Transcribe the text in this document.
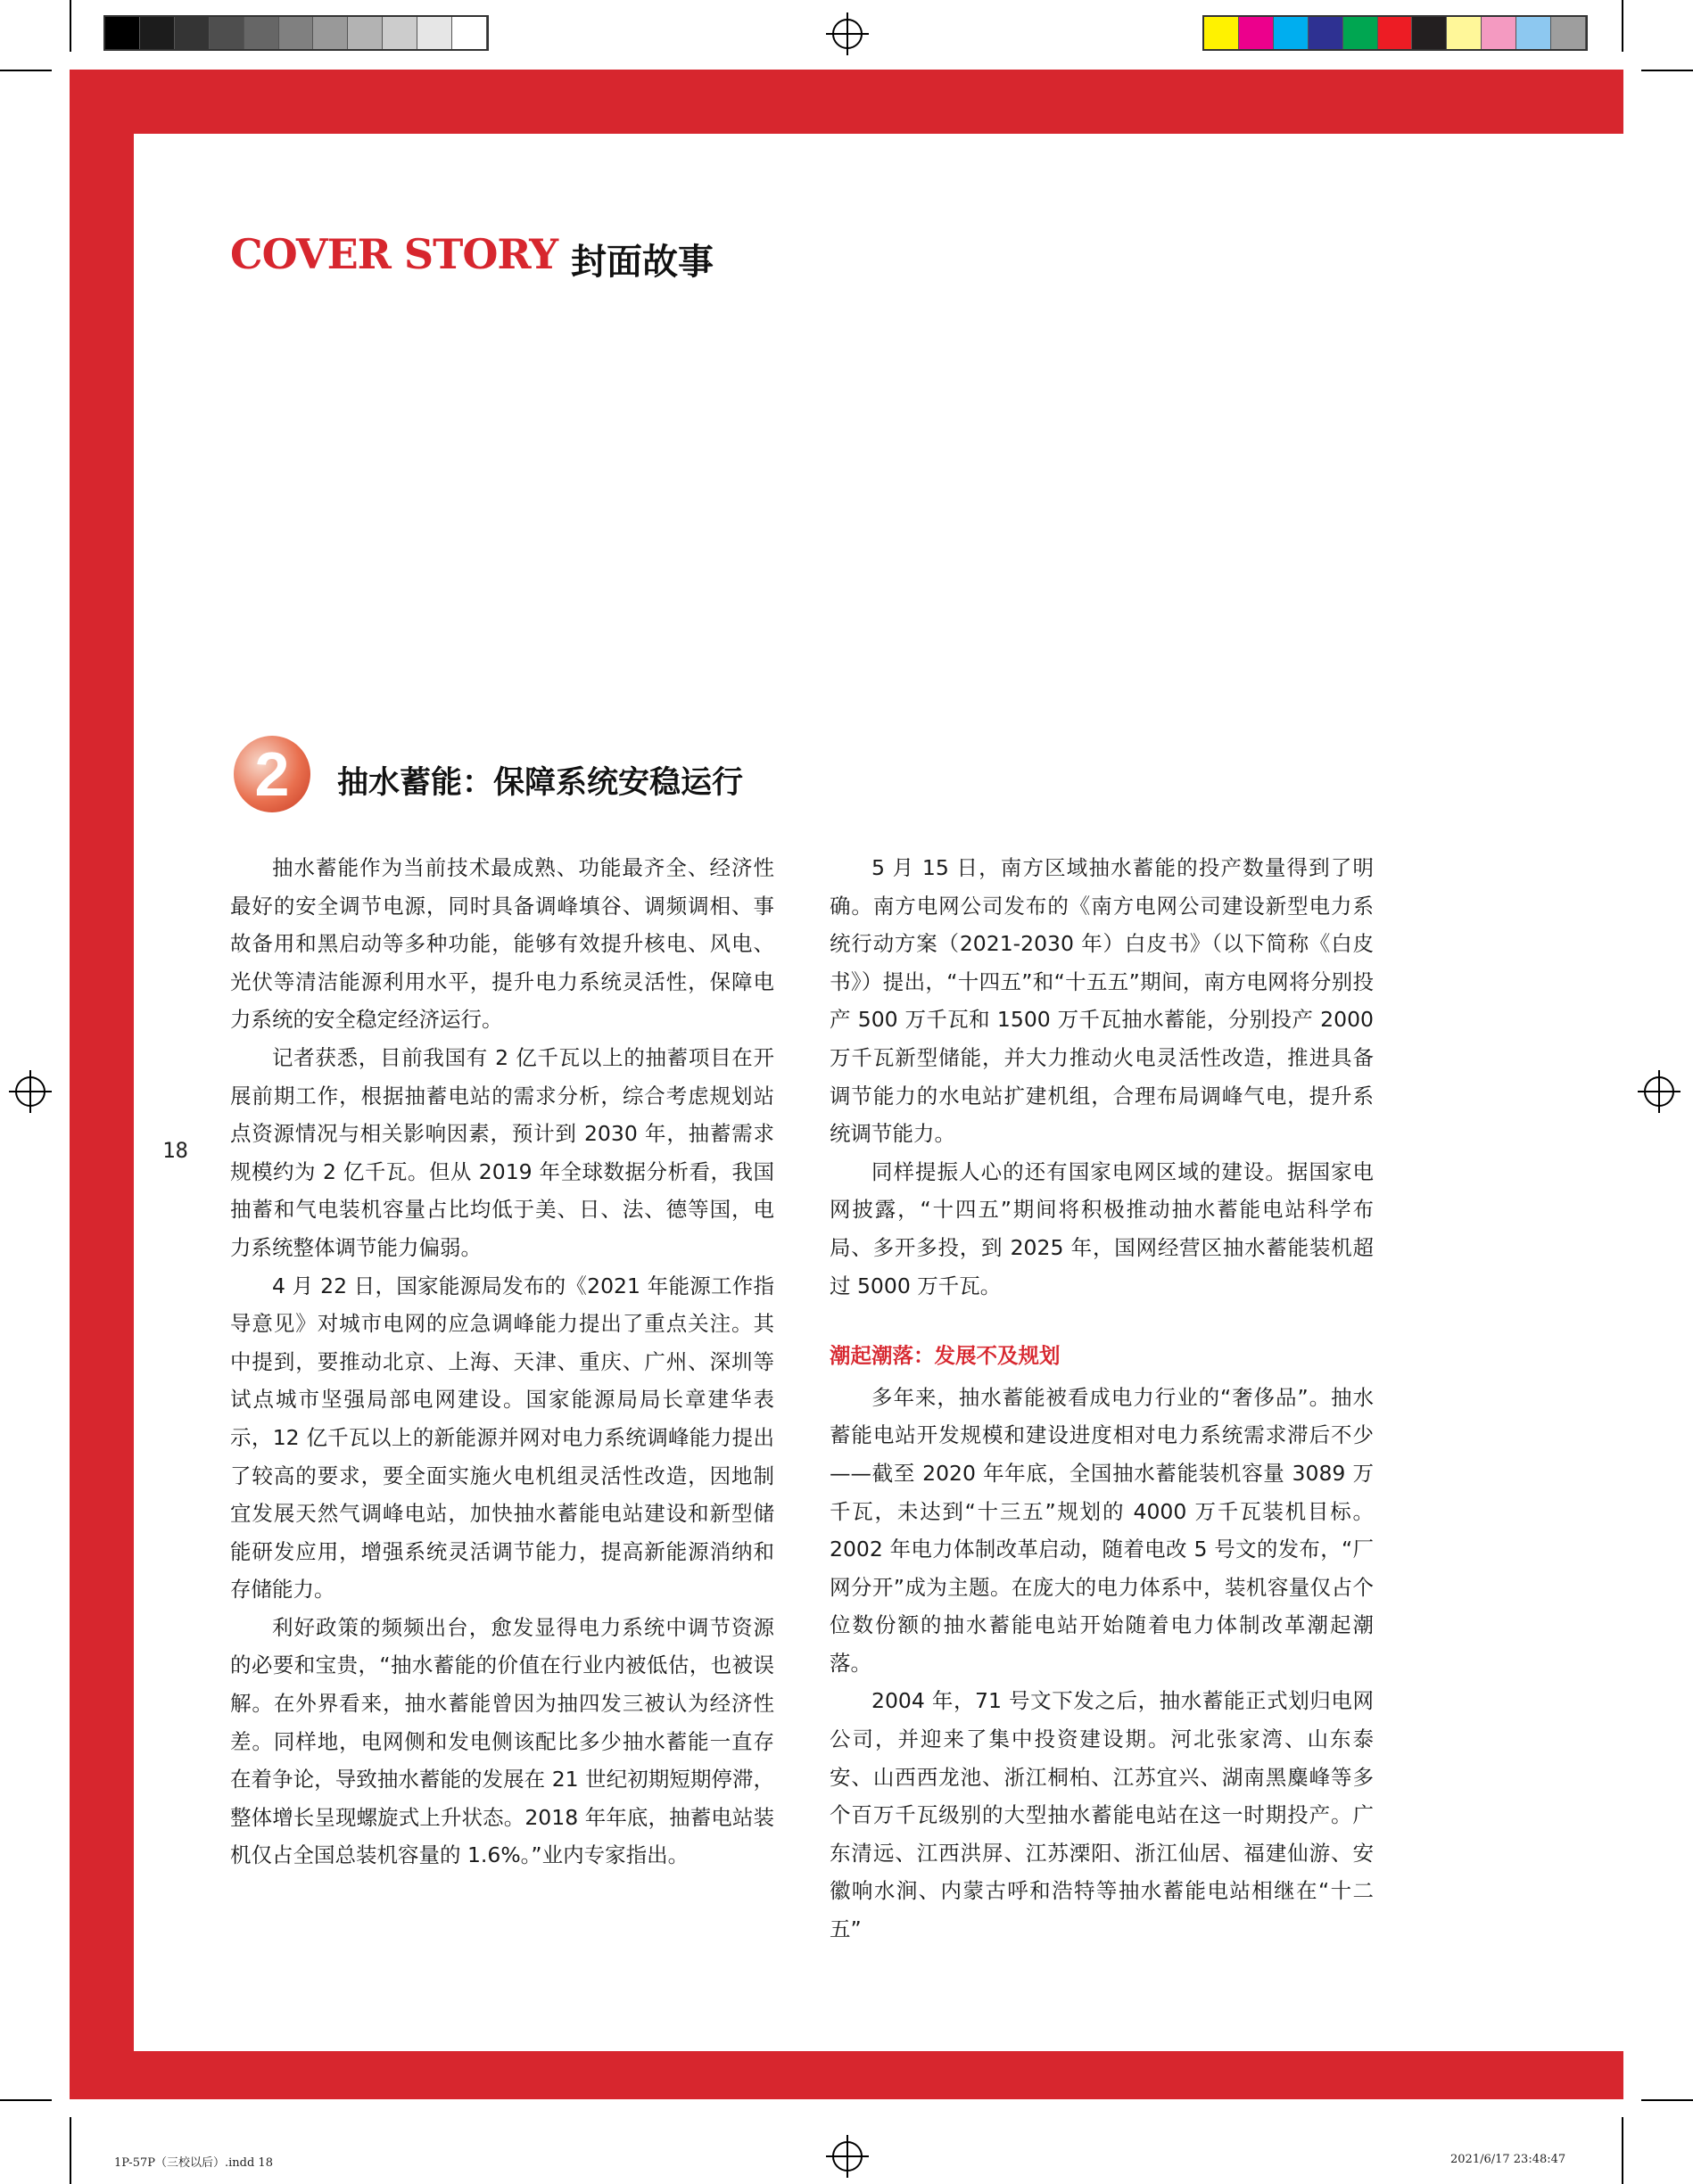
COVER STORY 封面故事
2	抽水蓄能：保障系统安稳运行
18

抽水蓄能作为当前技术最成熟、功能最齐全、经济性最好的安全调节电源，同时具备调峰填谷、调频调相、事故备用和黑启动等多种功能，能够有效提升核电、风电、光伏等清洁能源利用水平，提升电力系统灵活性，保障电力系统的安全稳定经济运行。

记者获悉，目前我国有 2 亿千瓦以上的抽蓄项目在开展前期工作，根据抽蓄电站的需求分析，综合考虑规划站点资源情况与相关影响因素，预计到 2030 年，抽蓄需求规模约为 2 亿千瓦。但从 2019 年全球数据分析看，我国抽蓄和气电装机容量占比均低于美、日、法、德等国，电力系统整体调节能力偏弱。

4 月 22 日，国家能源局发布的《2021 年能源工作指导意见》对城市电网的应急调峰能力提出了重点关注。其中提到，要推动北京、上海、天津、重庆、广州、深圳等试点城市坚强局部电网建设。国家能源局局长章建华表示，12 亿千瓦以上的新能源并网对电力系统调峰能力提出了较高的要求，要全面实施火电机组灵活性改造，因地制宜发展天然气调峰电站，加快抽水蓄能电站建设和新型储能研发应用，增强系统灵活调节能力，提高新能源消纳和存储能力。

利好政策的频频出台，愈发显得电力系统中调节资源的必要和宝贵，“抽水蓄能的价值在行业内被低估，也被误解。在外界看来，抽水蓄能曾因为抽四发三被认为经济性差。同样地，电网侧和发电侧该配比多少抽水蓄能一直存在着争论，导致抽水蓄能的发展在 21 世纪初期短期停滞，整体增长呈现螺旋式上升状态。2018 年年底，抽蓄电站装机仅占全国总装机容量的 1.6%。”业内专家指出。

5 月 15 日，南方区域抽水蓄能的投产数量得到了明确。南方电网公司发布的《南方电网公司建设新型电力系统行动方案（2021-2030 年）白皮书》（以下简称《白皮书》）提出，“十四五”和“十五五”期间，南方电网将分别投产 500 万千瓦和 1500 万千瓦抽水蓄能，分别投产 2000 万千瓦新型储能，并大力推动火电灵活性改造，推进具备调节能力的水电站扩建机组，合理布局调峰气电，提升系统调节能力。

同样提振人心的还有国家电网区域的建设。据国家电网披露，“十四五”期间将积极推动抽水蓄能电站科学布局、多开多投，到 2025 年，国网经营区抽水蓄能装机超过 5000 万千瓦。

潮起潮落：发展不及规划

多年来，抽水蓄能被看成电力行业的“奢侈品”。抽水蓄能电站开发规模和建设进度相对电力系统需求滞后不少——截至 2020 年年底，全国抽水蓄能装机容量 3089 万千瓦，未达到“十三五”规划的 4000 万千瓦装机目标。2002 年电力体制改革启动，随着电改 5 号文的发布，“厂网分开”成为主题。在庞大的电力体系中，装机容量仅占个位数份额的抽水蓄能电站开始随着电力体制改革潮起潮落。

2004 年，71 号文下发之后，抽水蓄能正式划归电网公司，并迎来了集中投资建设期。河北张家湾、山东泰安、山西西龙池、浙江桐柏、江苏宜兴、湖南黑麋峰等多个百万千瓦级别的大型抽水蓄能电站在这一时期投产。广东清远、江西洪屏、江苏溧阳、浙江仙居、福建仙游、安徽响水涧、内蒙古呼和浩特等抽水蓄能电站相继在“十二五”

1P-57P（三校以后）.indd 18	2021/6/17 23:48:47
